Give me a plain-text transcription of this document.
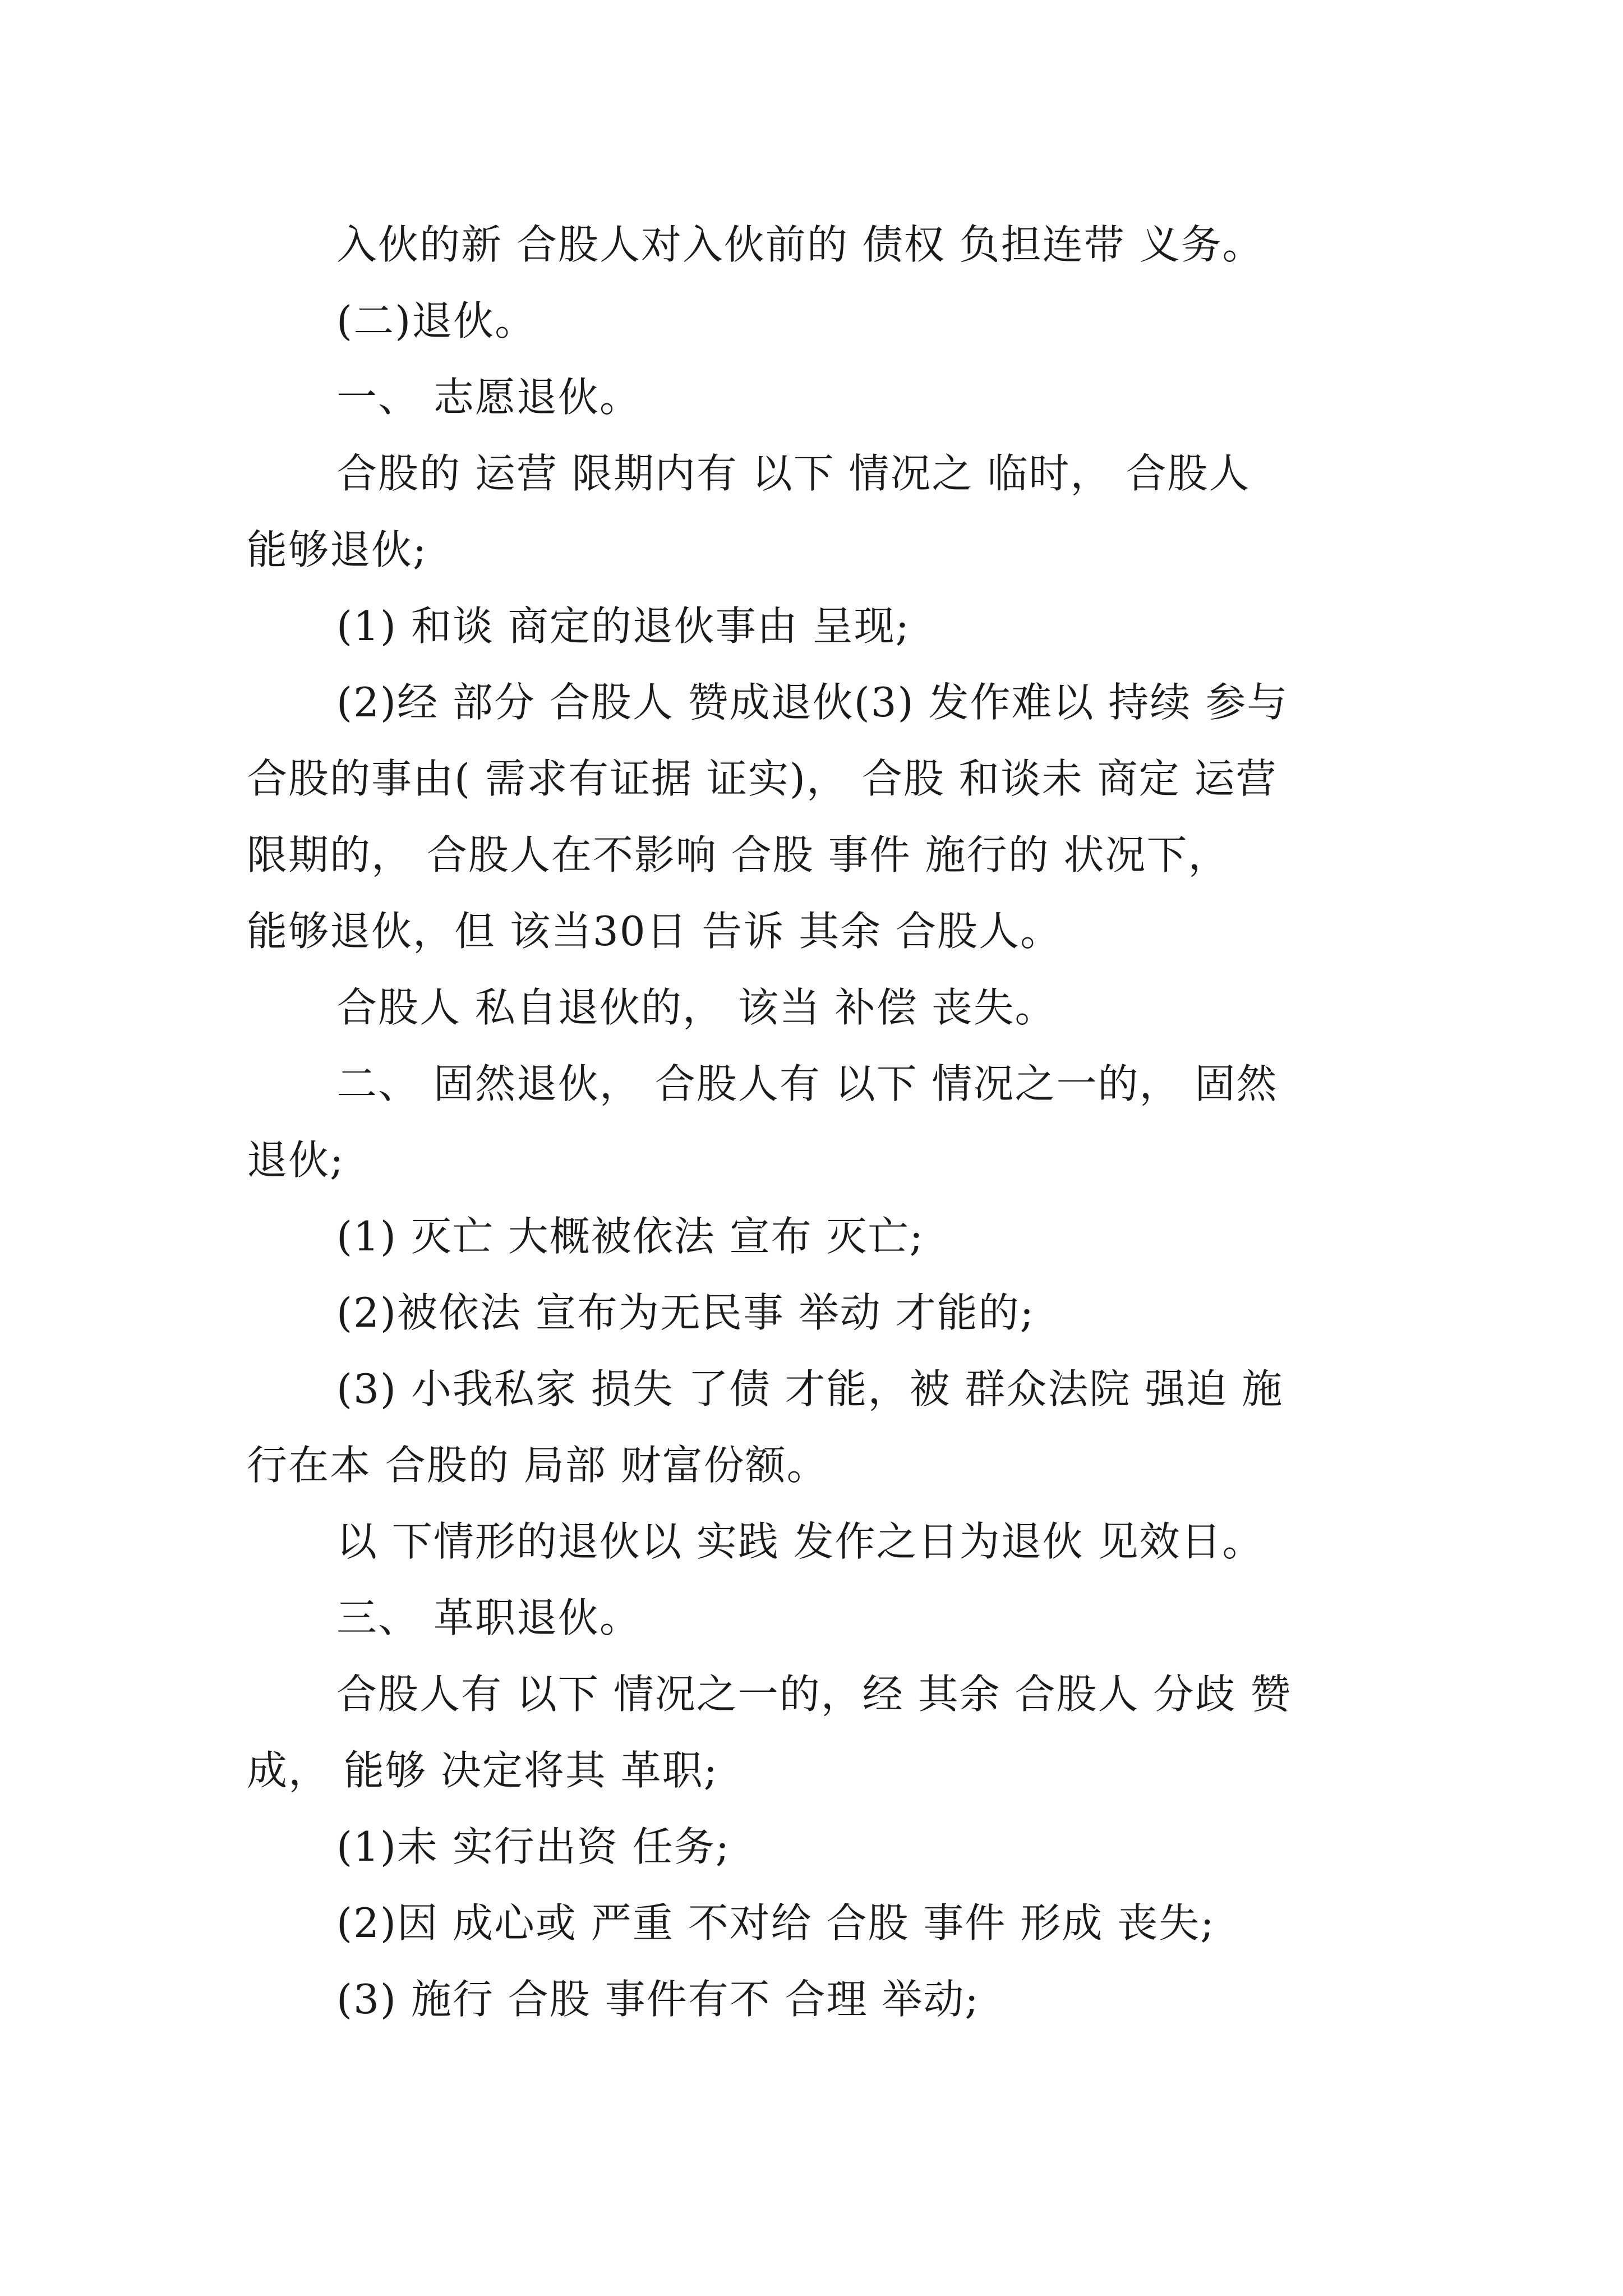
入伙的新 合股人对入伙前的 债权 负担连带 义务。
(二)退伙。
一、 志愿退伙。
合股的 运营 限期内有 以下 情况之 临时， 合股人
能够退伙;
(1) 和谈 商定的退伙事由 呈现;
(2)经 部分 合股人 赞成退伙(3) 发作难以 持续 参与
合股的事由( 需求有证据 证实)， 合股 和谈未 商定 运营
限期的， 合股人在不影响 合股 事件 施行的 状况下，
能够退伙，但 该当30日 告诉 其余 合股人。
合股人 私自退伙的， 该当 补偿 丧失。
二、 固然退伙， 合股人有 以下 情况之一的， 固然
退伙;
(1) 灭亡 大概被依法 宣布 灭亡;
(2)被依法 宣布为无民事 举动 才能的;
(3) 小我私家 损失 了债 才能，被 群众法院 强迫 施
行在本 合股的 局部 财富份额。
以 下情形的退伙以 实践 发作之日为退伙 见效日。
三、 革职退伙。
合股人有 以下 情况之一的，经 其余 合股人 分歧 赞
成， 能够 决定将其 革职;
(1)未 实行出资 任务;
(2)因 成心或 严重 不对给 合股 事件 形成 丧失;
(3) 施行 合股 事件有不 合理 举动;
